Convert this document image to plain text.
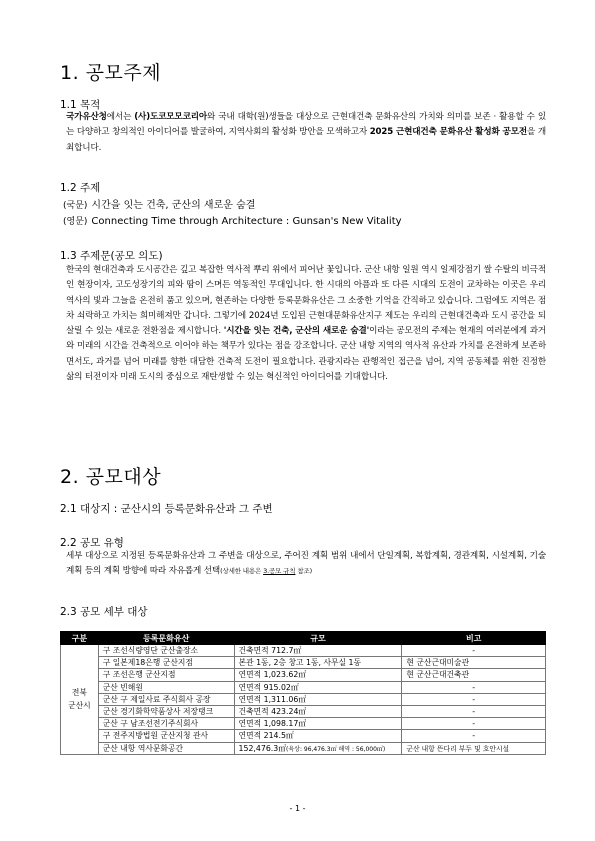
1. 공모주제
1.1 목적
국가유산청에서는 (사)도코모모코리아와 국내 대학(원)생들을 대상으로 근현대건축 문화유산의 가치와 의미를 보존 · 활용할 수 있는 다양하고 창의적인 아이디어를 발굴하여, 지역사회의 활성화 방안을 모색하고자 2025 근현대건축 문화유산 활성화 공모전을 개최합니다.
1.2 주제
(국문) 시간을 잇는 건축, 군산의 새로운 숨결
(영문) Connecting Time through Architecture : Gunsan's New Vitality
1.3 주제문(공모 의도)
한국의 현대건축과 도시공간은 깊고 복잡한 역사적 뿌리 위에서 피어난 꽃입니다. 군산 내항 일원 역시 일제강점기 쌀 수탈의 비극적인 현장이자, 고도성장기의 피와 땀이 스며든 역동적인 무대입니다. 한 시대의 아픔과 또 다른 시대의 도전이 교차하는 이곳은 우리 역사의 빛과 그늘을 온전히 품고 있으며, 현존하는 다양한 등록문화유산은 그 소중한 기억을 간직하고 있습니다. 그럼에도 지역은 점차 쇠락하고 가치는 희미해져만 갑니다. 그렇기에 2024년 도입된 근현대문화유산지구 제도는 우리의 근현대건축과 도시 공간을 되살릴 수 있는 새로운 전환점을 제시합니다. '시간을 잇는 건축, 군산의 새로운 숨결'이라는 공모전의 주제는 현재의 여러분에게 과거와 미래의 시간을 건축적으로 이어야 하는 책무가 있다는 점을 강조합니다. 군산 내항 지역의 역사적 유산과 가치를 온전하게 보존하면서도, 과거를 넘어 미래를 향한 대담한 건축적 도전이 필요합니다. 관광지라는 관행적인 접근을 넘어, 지역 공동체를 위한 진정한 삶의 터전이자 미래 도시의 중심으로 재탄생할 수 있는 혁신적인 아이디어를 기대합니다.
2. 공모대상
2.1 대상지 : 군산시의 등록문화유산과 그 주변
2.2 공모 유형
세부 대상으로 지정된 등록문화유산과 그 주변을 대상으로, 주어진 계획 범위 내에서 단일계획, 복합계획, 경관계획, 시설계획, 기술계획 등의 계획 방향에 따라 자유롭게 선택(상세한 내용은 3.공모 규칙 참조)
2.3 공모 세부 대상
구분	등록문화유산	규모	비고
전북
군산시	구 조선식량영단 군산출장소	건축면적 712.7㎡	-
	구 일본제18은행 군산지점	본관 1동, 2층 창고 1동, 사무실 1동	현 군산근대미술관
	구 조선은행 군산지점	연면적 1,023.62㎡	현 군산근대건축관
	군산 빈해원	연면적 915.02㎡	-
	군산 구 제일사료 주식회사 공장	연면적 1,311.06㎡	-
	군산 경기화학약품상사 저장탱크	건축면적 423.24㎡	-
	군산 구 남조선전기주식회사	연면적 1,098.17㎡	-
	구 전주지방법원 군산지청 관사	연면적 214.5㎡	-
	군산 내항 역사문화공간	152,476.3㎡(육상: 96,476.3㎡ 해역 : 56,000㎡)	군산 내항 뜬다리 부두 및 호안시설
- 1 -
